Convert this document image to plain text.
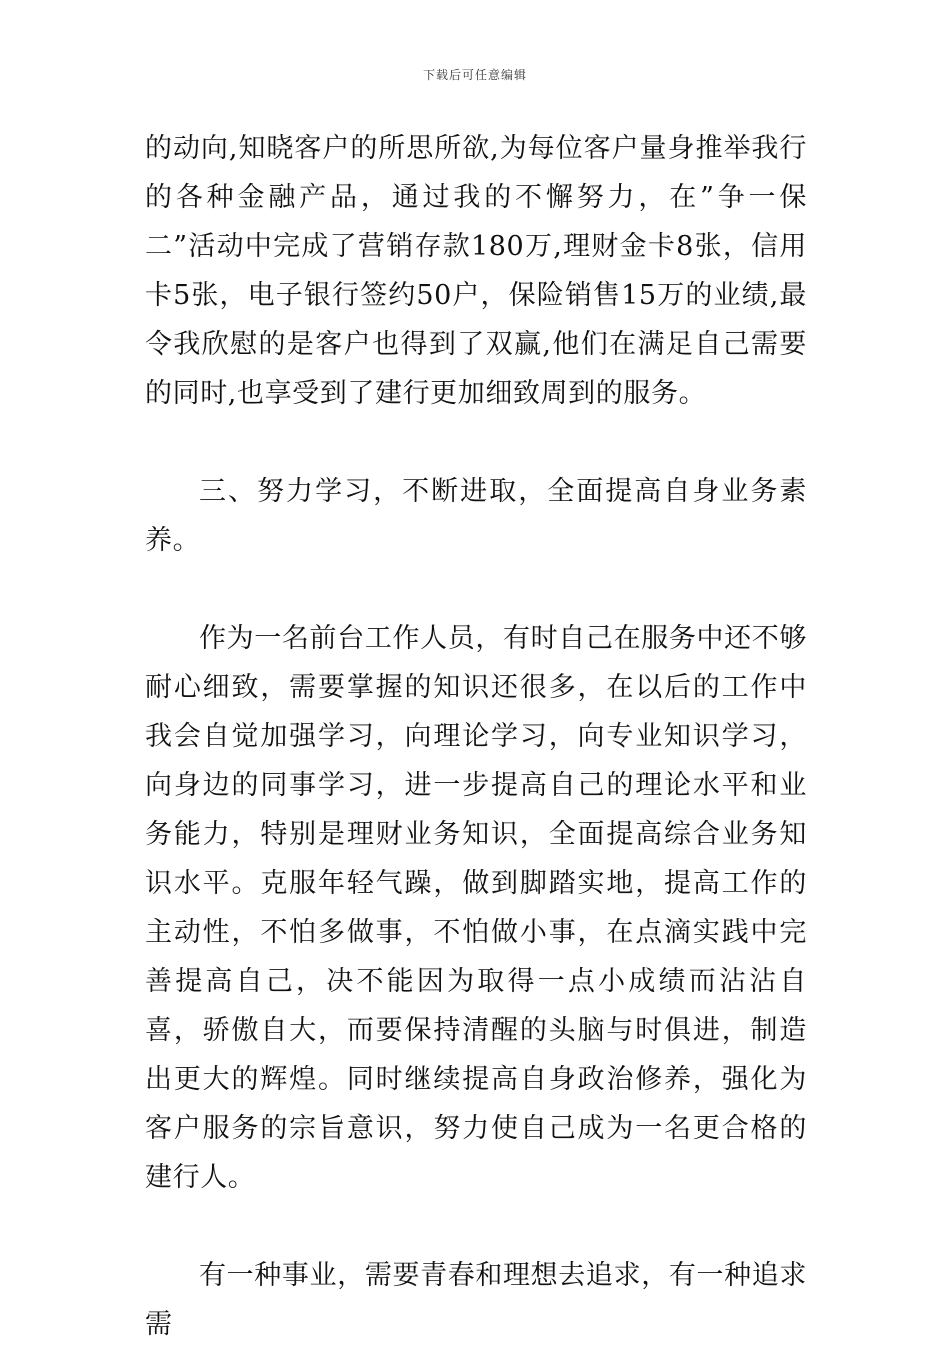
下载后可任意编辑

的动向,知晓客户的所思所欲,为每位客户量身推举我行的各种金融产品，通过我的不懈努力，在”争一保二”活动中完成了营销存款180万,理财金卡8张，信用卡5张，电子银行签约50户，保险销售15万的业绩,最令我欣慰的是客户也得到了双赢,他们在满足自己需要的同时,也享受到了建行更加细致周到的服务。

三、努力学习，不断进取，全面提高自身业务素养。

作为一名前台工作人员，有时自己在服务中还不够耐心细致，需要掌握的知识还很多，在以后的工作中我会自觉加强学习，向理论学习，向专业知识学习，向身边的同事学习，进一步提高自己的理论水平和业务能力，特别是理财业务知识，全面提高综合业务知识水平。克服年轻气躁，做到脚踏实地，提高工作的主动性，不怕多做事，不怕做小事，在点滴实践中完善提高自己，决不能因为取得一点小成绩而沾沾自喜，骄傲自大，而要保持清醒的头脑与时俱进，制造出更大的辉煌。同时继续提高自身政治修养，强化为客户服务的宗旨意识，努力使自己成为一名更合格的建行人。

有一种事业，需要青春和理想去追求，有一种追求需
